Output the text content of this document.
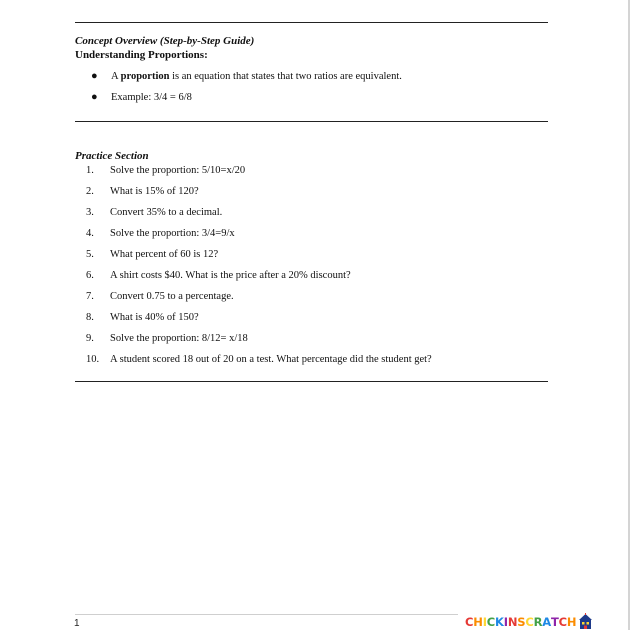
Concept Overview (Step-by-Step Guide)
Understanding Proportions:
●	A proportion is an equation that states that two ratios are equivalent.
●	Example: 3/4 = 6/8
Practice Section
1.	Solve the proportion: 5/10=x/20
2.	What is 15% of 120?
3.	Convert 35% to a decimal.
4.	Solve the proportion: 3/4=9/x
5.	What percent of 60 is 12?
6.	A shirt costs $40. What is the price after a 20% discount?
7.	Convert 0.75 to a percentage.
8.	What is 40% of 150?
9.	Solve the proportion: 8/12= x/18
10.	A student scored 18 out of 20 on a test. What percentage did the student get?
1	CHICKINSCRATCH
